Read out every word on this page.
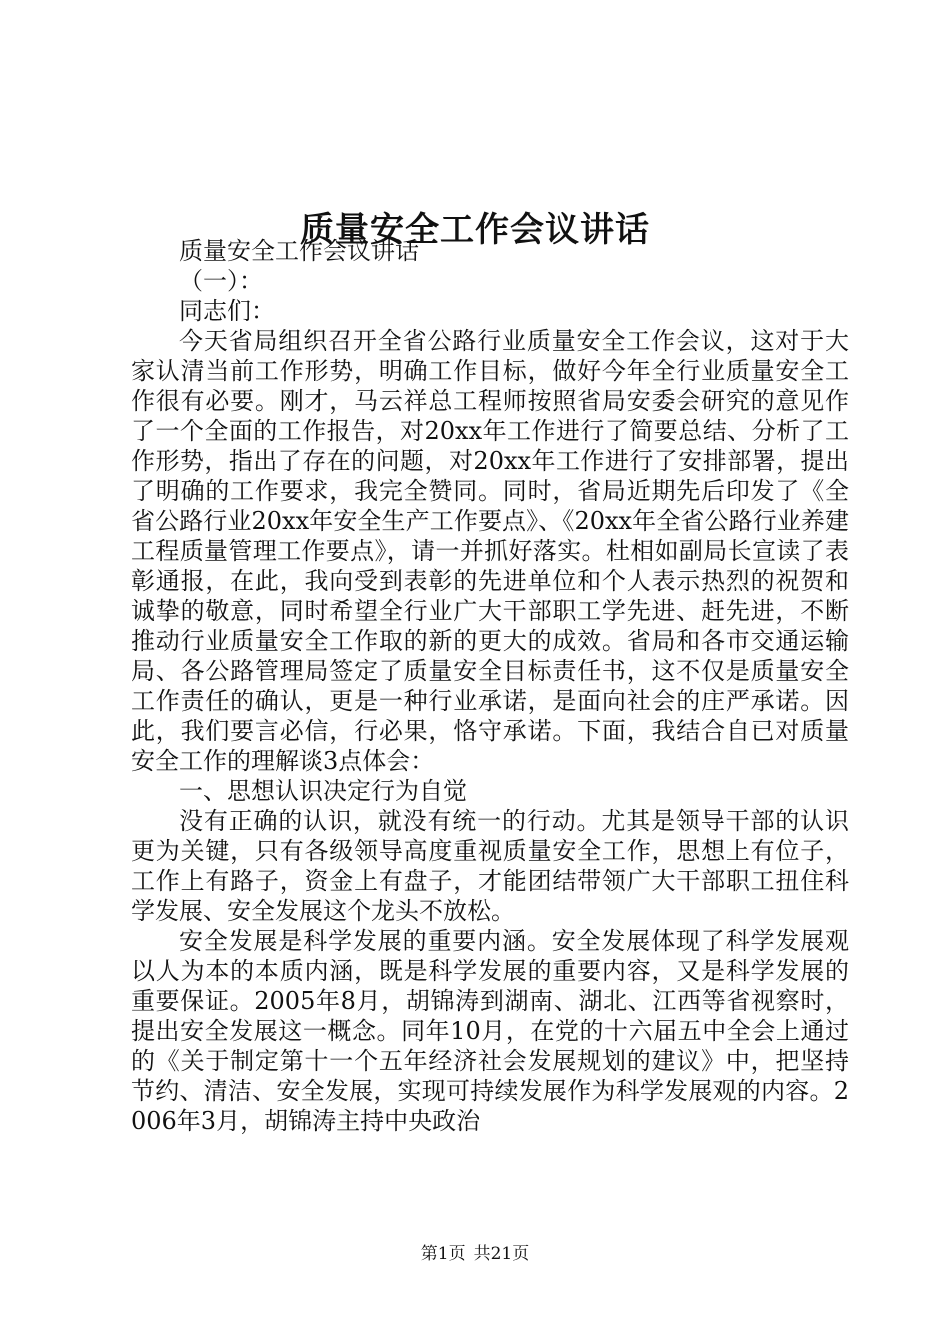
质量安全工作会议讲话

质量安全工作会议讲话

（一）：

同志们：

今天省局组织召开全省公路行业质量安全工作会议，这对于大家认清当前工作形势，明确工作目标，做好今年全行业质量安全工作很有必要。刚才，马云祥总工程师按照省局安委会研究的意见作了一个全面的工作报告，对20xx年工作进行了简要总结、分析了工作形势，指出了存在的问题，对20xx年工作进行了安排部署，提出了明确的工作要求，我完全赞同。同时，省局近期先后印发了《全省公路行业20xx年安全生产工作要点》、《20xx年全省公路行业养建工程质量管理工作要点》，请一并抓好落实。杜相如副局长宣读了表彰通报，在此，我向受到表彰的先进单位和个人表示热烈的祝贺和诚挚的敬意，同时希望全行业广大干部职工学先进、赶先进，不断推动行业质量安全工作取的新的更大的成效。省局和各市交通运输局、各公路管理局签定了质量安全目标责任书，这不仅是质量安全工作责任的确认，更是一种行业承诺，是面向社会的庄严承诺。因此，我们要言必信，行必果，恪守承诺。下面，我结合自已对质量安全工作的理解谈3点体会：

一、思想认识决定行为自觉

没有正确的认识，就没有统一的行动。尤其是领导干部的认识更为关键，只有各级领导高度重视质量安全工作，思想上有位子，工作上有路子，资金上有盘子，才能团结带领广大干部职工扭住科学发展、安全发展这个龙头不放松。

安全发展是科学发展的重要内涵。安全发展体现了科学发展观以人为本的本质内涵，既是科学发展的重要内容，又是科学发展的重要保证。2005年8月，胡锦涛到湖南、湖北、江西等省视察时，提出安全发展这一概念。同年10月，在党的十六届五中全会上通过的《关于制定第十一个五年经济社会发展规划的建议》中，把坚持节约、清洁、安全发展，实现可持续发展作为科学发展观的内容。2006年3月，胡锦涛主持中央政治

第1页 共21页
